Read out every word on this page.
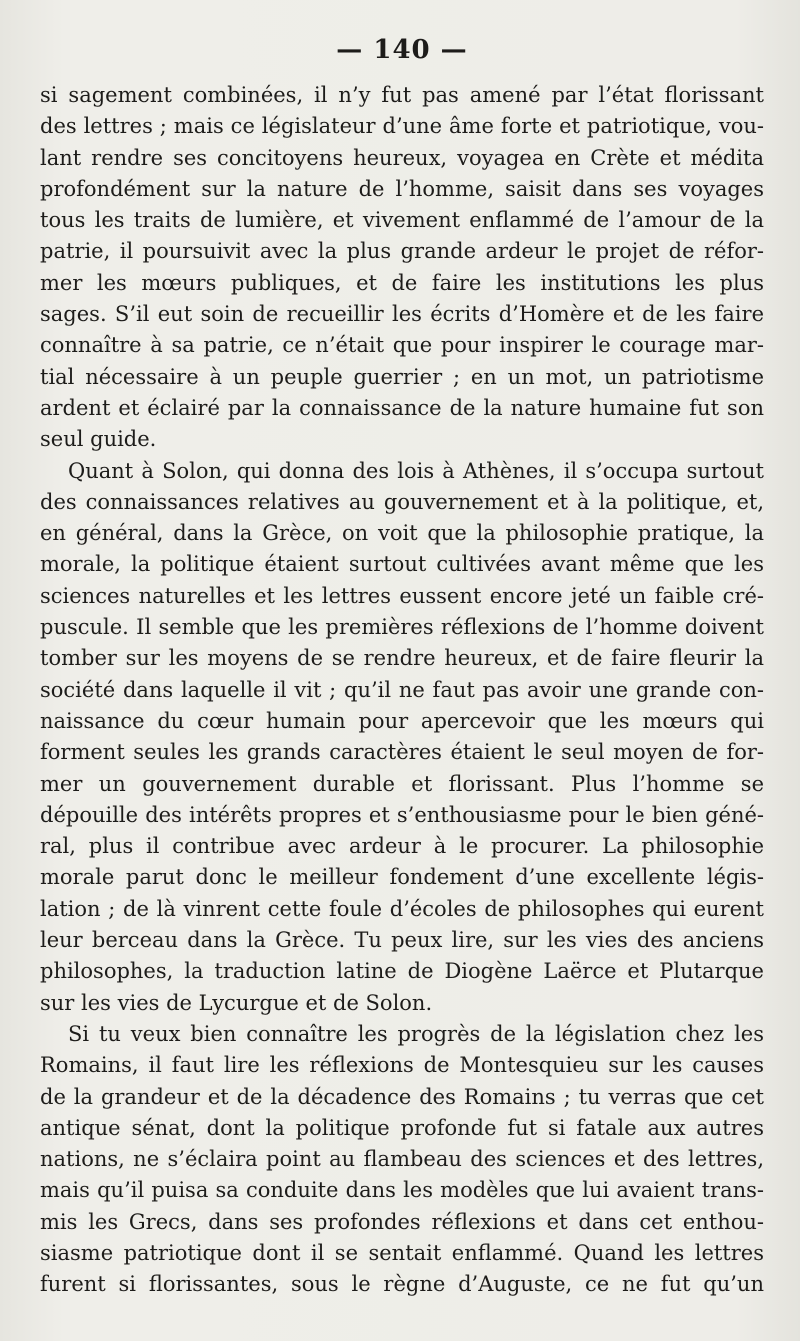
— 140 —
si sagement combinées, il n’y fut pas amené par l’état florissant
des lettres ; mais ce législateur d’une âme forte et patriotique, vou-
lant rendre ses concitoyens heureux, voyagea en Crète et médita
profondément sur la nature de l’homme, saisit dans ses voyages
tous les traits de lumière, et vivement enflammé de l’amour de la
patrie, il poursuivit avec la plus grande ardeur le projet de réfor-
mer les mœurs publiques, et de faire les institutions les plus
sages. S’il eut soin de recueillir les écrits d’Homère et de les faire
connaître à sa patrie, ce n’était que pour inspirer le courage mar-
tial nécessaire à un peuple guerrier ; en un mot, un patriotisme
ardent et éclairé par la connaissance de la nature humaine fut son
seul guide.
Quant à Solon, qui donna des lois à Athènes, il s’occupa surtout
des connaissances relatives au gouvernement et à la politique, et,
en général, dans la Grèce, on voit que la philosophie pratique, la
morale, la politique étaient surtout cultivées avant même que les
sciences naturelles et les lettres eussent encore jeté un faible cré-
puscule. Il semble que les premières réflexions de l’homme doivent
tomber sur les moyens de se rendre heureux, et de faire fleurir la
société dans laquelle il vit ; qu’il ne faut pas avoir une grande con-
naissance du cœur humain pour apercevoir que les mœurs qui
forment seules les grands caractères étaient le seul moyen de for-
mer un gouvernement durable et florissant. Plus l’homme se
dépouille des intérêts propres et s’enthousiasme pour le bien géné-
ral, plus il contribue avec ardeur à le procurer. La philosophie
morale parut donc le meilleur fondement d’une excellente légis-
lation ; de là vinrent cette foule d’écoles de philosophes qui eurent
leur berceau dans la Grèce. Tu peux lire, sur les vies des anciens
philosophes, la traduction latine de Diogène Laërce et Plutarque
sur les vies de Lycurgue et de Solon.
Si tu veux bien connaître les progrès de la législation chez les
Romains, il faut lire les réflexions de Montesquieu sur les causes
de la grandeur et de la décadence des Romains ; tu verras que cet
antique sénat, dont la politique profonde fut si fatale aux autres
nations, ne s’éclaira point au flambeau des sciences et des lettres,
mais qu’il puisa sa conduite dans les modèles que lui avaient trans-
mis les Grecs, dans ses profondes réflexions et dans cet enthou-
siasme patriotique dont il se sentait enflammé. Quand les lettres
furent si florissantes, sous le règne d’Auguste, ce ne fut qu’un
